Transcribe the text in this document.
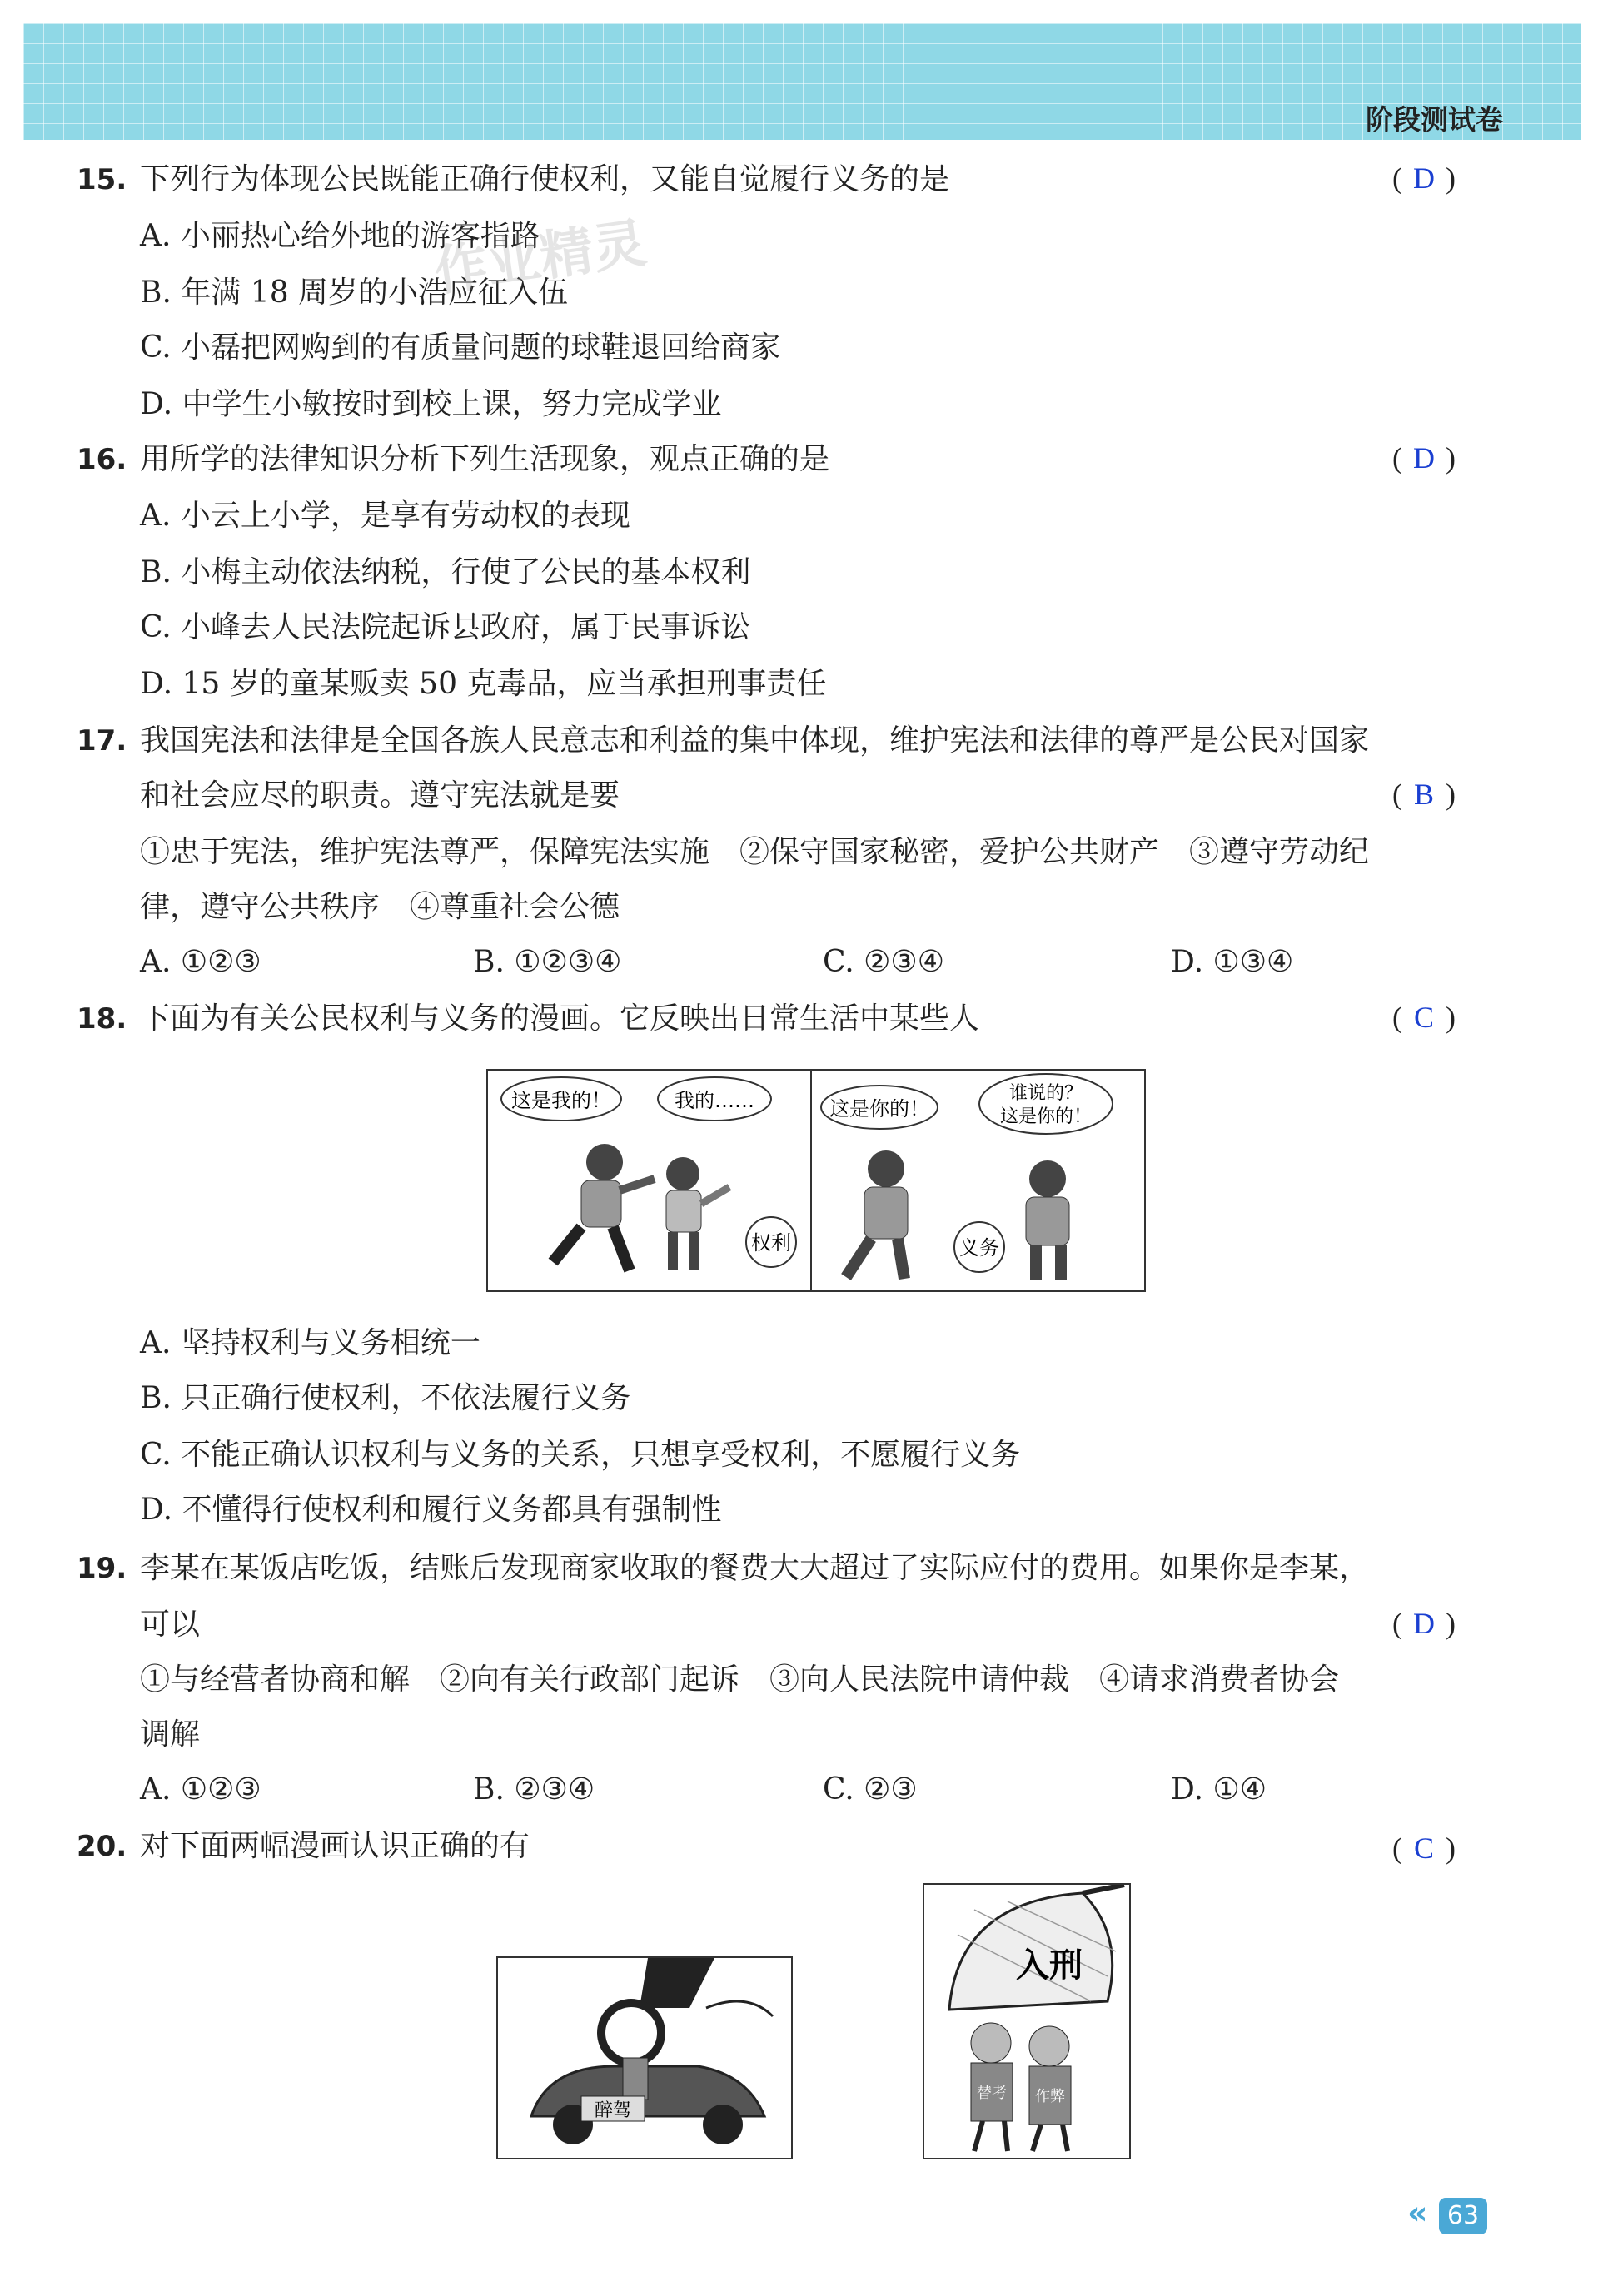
阶段测试卷
15. 下列行为体现公民既能正确行使权利，又能自觉履行义务的是	( D )
A. 小丽热心给外地的游客指路
B. 年满 18 周岁的小浩应征入伍
C. 小磊把网购到的有质量问题的球鞋退回给商家
D. 中学生小敏按时到校上课，努力完成学业
作业精灵
16. 用所学的法律知识分析下列生活现象，观点正确的是	( D )
A. 小云上小学，是享有劳动权的表现
B. 小梅主动依法纳税，行使了公民的基本权利
C. 小峰去人民法院起诉县政府，属于民事诉讼
D. 15 岁的童某贩卖 50 克毒品，应当承担刑事责任
17. 我国宪法和法律是全国各族人民意志和利益的集中体现，维护宪法和法律的尊严是公民对国家
和社会应尽的职责。遵守宪法就是要	( B )
①忠于宪法，维护宪法尊严，保障宪法实施　②保守国家秘密，爱护公共财产　③遵守劳动纪
律，遵守公共秩序　④尊重社会公德
A. ①②③	B. ①②③④	C. ②③④	D. ①③④
18. 下面为有关公民权利与义务的漫画。它反映出日常生活中某些人	( C )
这是我的！	我的……
权利
这是你的！
谁说的？
这是你的！
义务
A. 坚持权利与义务相统一
B. 只正确行使权利，不依法履行义务
C. 不能正确认识权利与义务的关系，只想享受权利，不愿履行义务
D. 不懂得行使权利和履行义务都具有强制性
19. 李某在某饭店吃饭，结账后发现商家收取的餐费大大超过了实际应付的费用。如果你是李某，
可以	( D )
①与经营者协商和解　②向有关行政部门起诉　③向人民法院申请仲裁　④请求消费者协会
调解
A. ①②③	B. ②③④	C. ②③	D. ①④
20. 对下面两幅漫画认识正确的有	( C )
醉驾
入刑
替考 作弊
« 63
